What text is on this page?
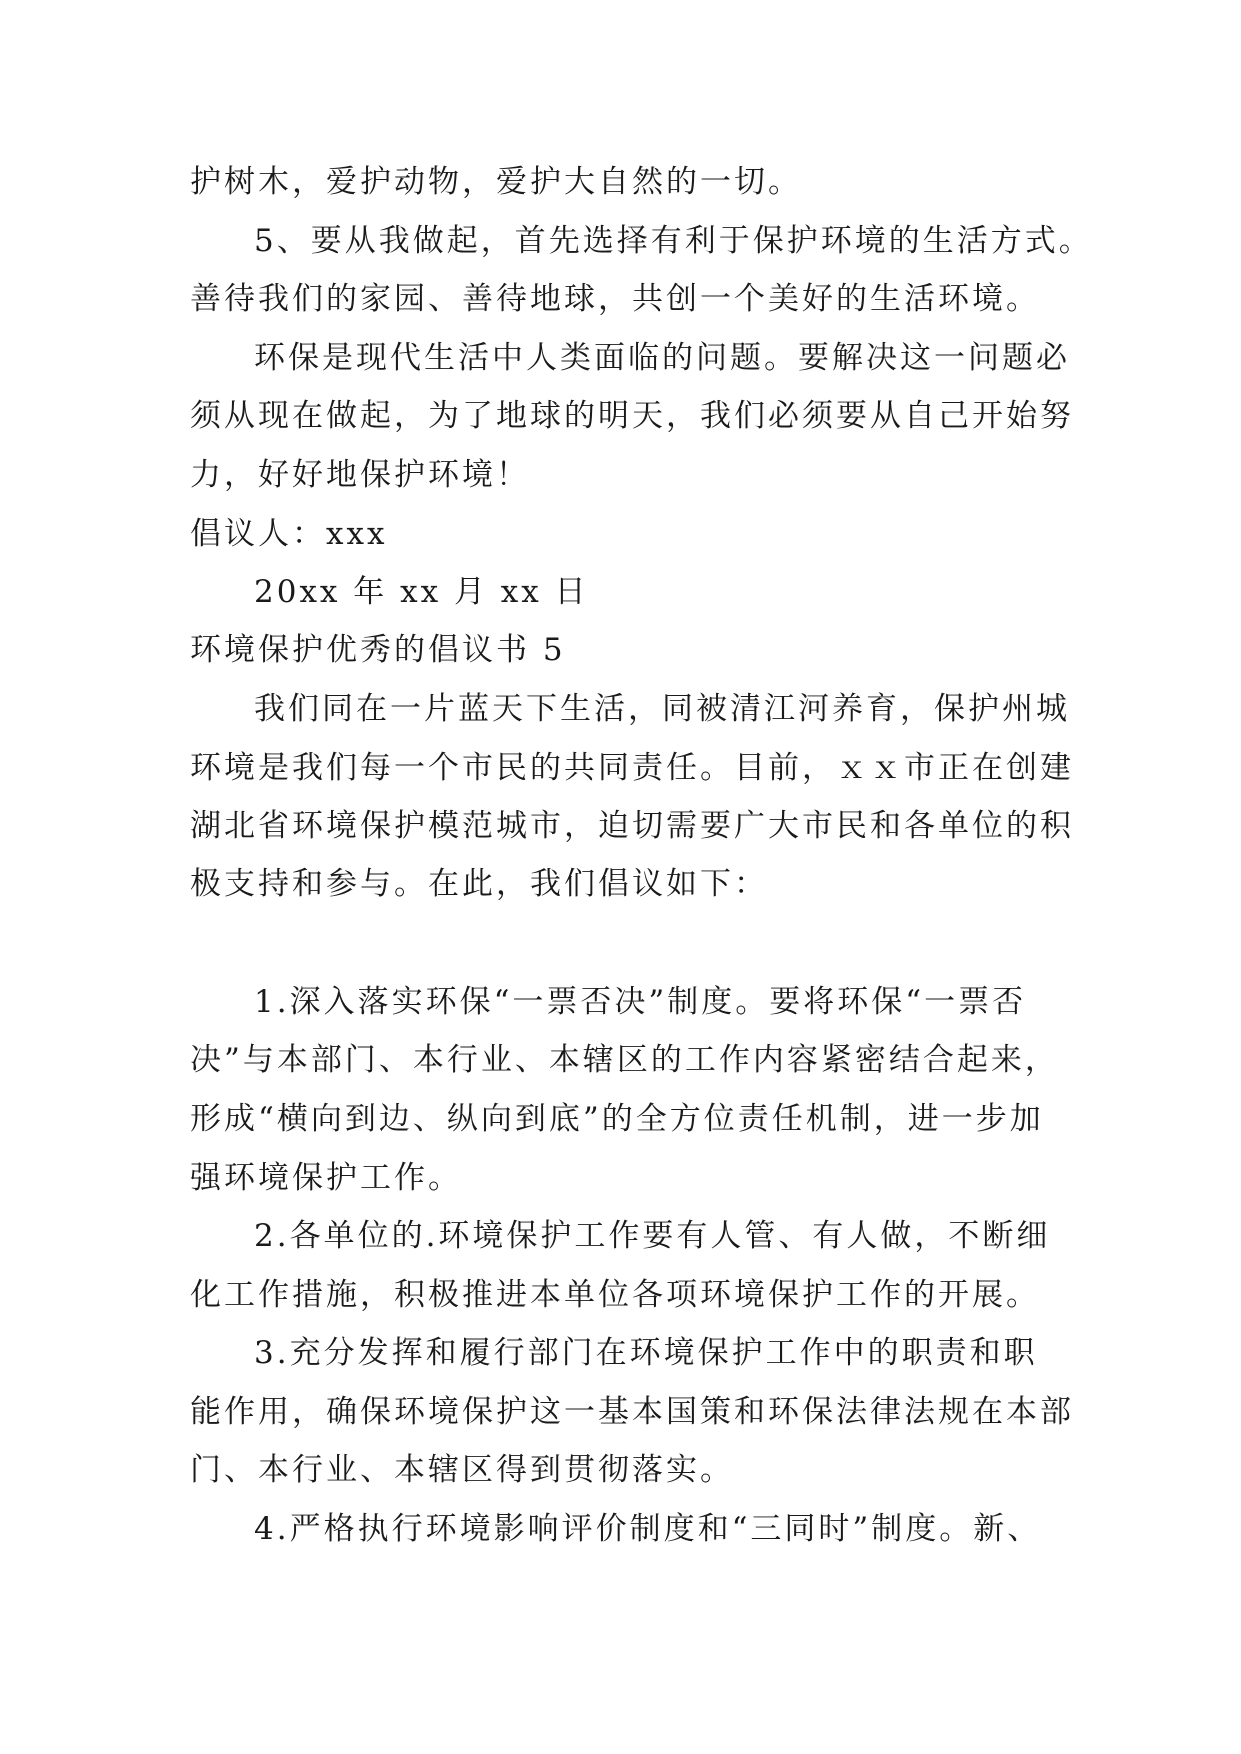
护树木，爱护动物，爱护大自然的一切。
5、要从我做起，首先选择有利于保护环境的生活方式。
善待我们的家园、善待地球，共创一个美好的生活环境。
环保是现代生活中人类面临的问题。要解决这一问题必
须从现在做起，为了地球的明天，我们必须要从自己开始努
力，好好地保护环境！
倡议人：xxx
20xx 年 xx 月 xx 日
环境保护优秀的倡议书 5
我们同在一片蓝天下生活，同被清江河养育，保护州城
环境是我们每一个市民的共同责任。目前，ｘｘ市正在创建
湖北省环境保护模范城市，迫切需要广大市民和各单位的积
极支持和参与。在此，我们倡议如下：
1.深入落实环保“一票否决”制度。要将环保“一票否
决”与本部门、本行业、本辖区的工作内容紧密结合起来，
形成“横向到边、纵向到底”的全方位责任机制，进一步加
强环境保护工作。
2.各单位的.环境保护工作要有人管、有人做，不断细
化工作措施，积极推进本单位各项环境保护工作的开展。
3.充分发挥和履行部门在环境保护工作中的职责和职
能作用，确保环境保护这一基本国策和环保法律法规在本部
门、本行业、本辖区得到贯彻落实。
4.严格执行环境影响评价制度和“三同时”制度。新、
